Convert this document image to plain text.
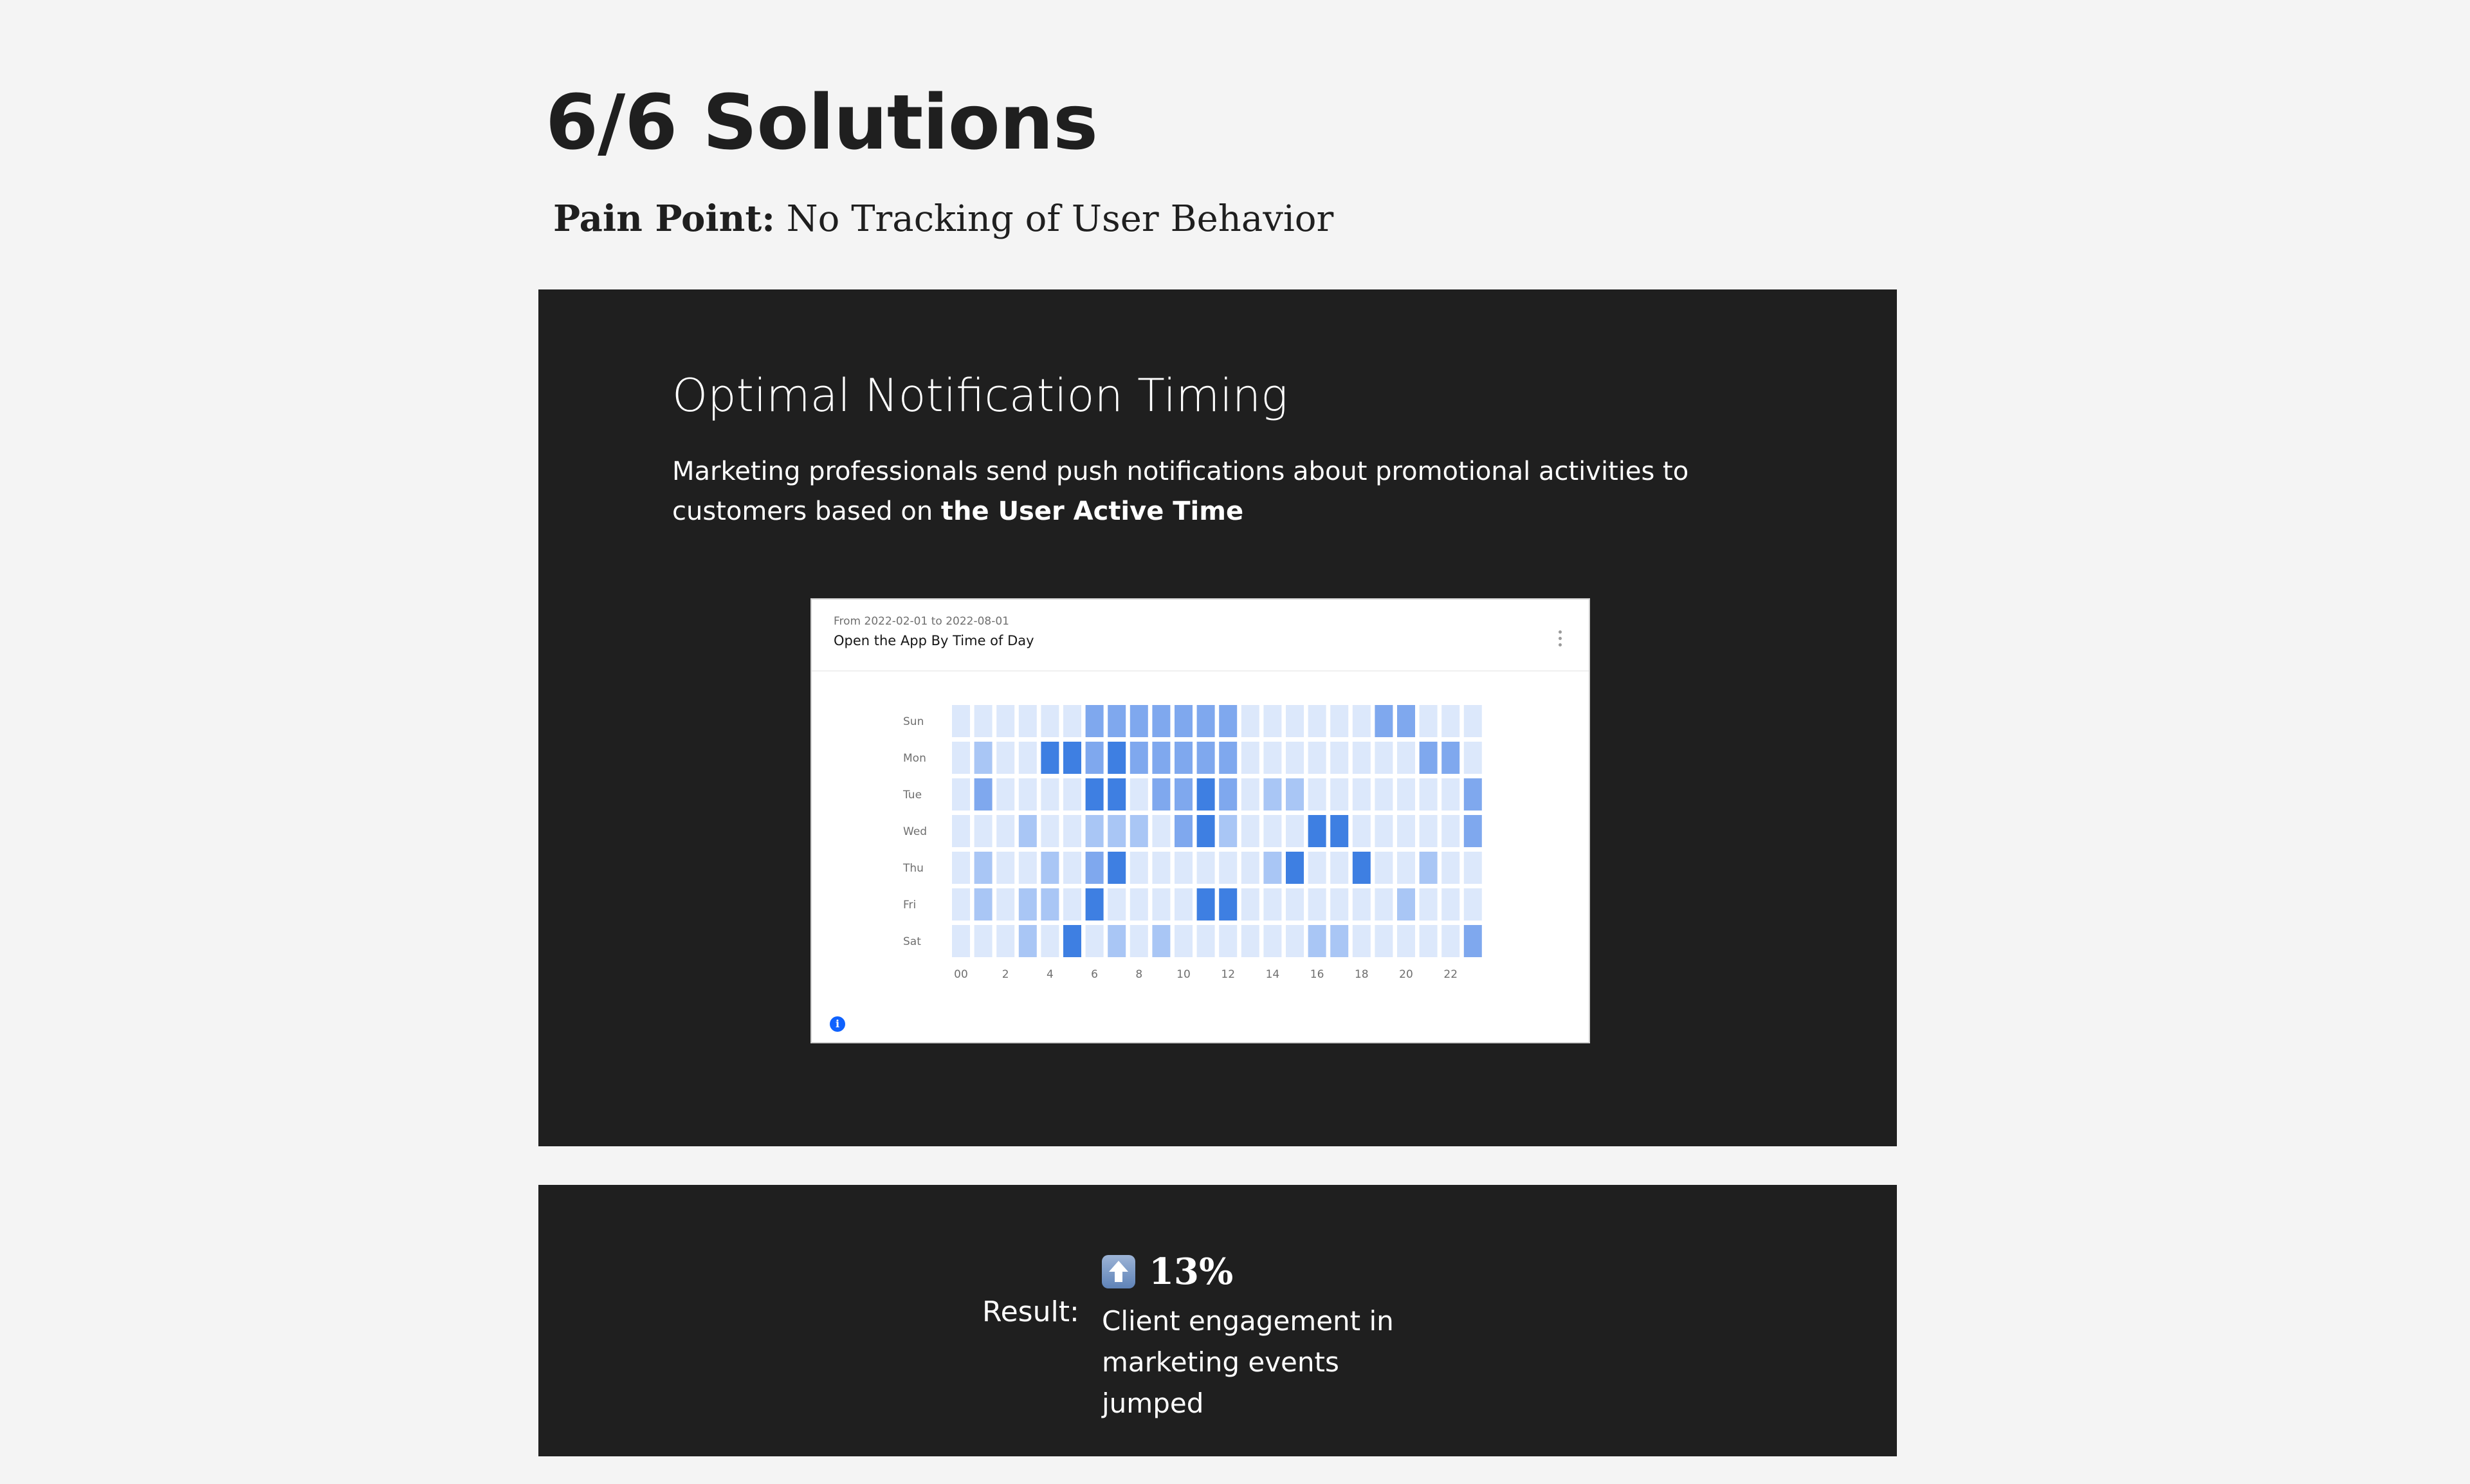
6/6 Solutions
Pain Point: No Tracking of User Behavior
Optimal Notification Timing

Marketing professionals send push notifications about promotional activities to customers based on the User Active Time

From 2022-02-01 to 2022-08-01
Open the App By Time of Day
Sun
Mon
Tue
Wed
Thu
Fri
Sat
00	2	4	6	8	10	12	14	16	18	20	22
i
Result:
13%
Client engagement in marketing events jumped
